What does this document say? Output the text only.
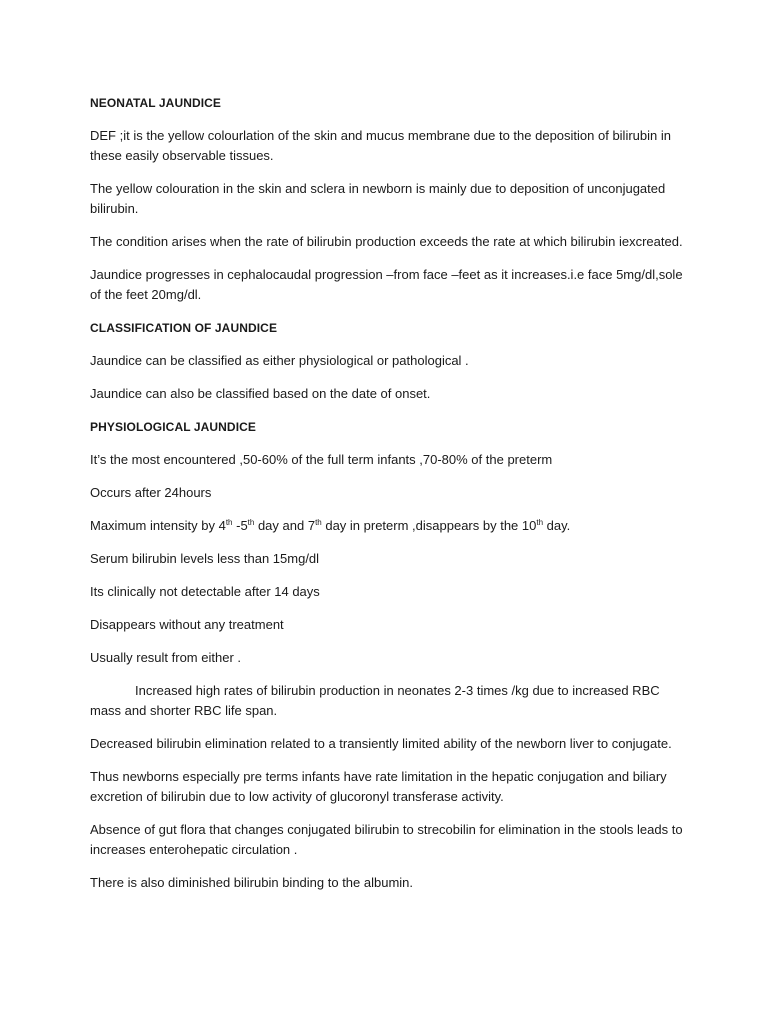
NEONATAL JAUNDICE

DEF ;it is the yellow colourlation of the skin and mucus membrane due to the deposition of bilirubin in these easily observable tissues.

The yellow colouration in the skin and sclera in newborn is mainly due to deposition of unconjugated bilirubin.

The condition arises when the rate of bilirubin production exceeds the rate at which bilirubin iexcreated.

Jaundice progresses in cephalocaudal progression –from face –feet as it increases.i.e face 5mg/dl,sole of the feet 20mg/dl.

CLASSIFICATION OF JAUNDICE

Jaundice can be classified as either physiological or pathological .

Jaundice can also be classified based on the date of onset.

PHYSIOLOGICAL JAUNDICE

It’s the most encountered ,50-60% of the full term infants ,70-80% of the preterm

Occurs after 24hours

Maximum intensity by 4th -5th day and 7th day in preterm ,disappears by the 10th day.

Serum bilirubin levels less than 15mg/dl

Its clinically not detectable after 14 days

Disappears without any treatment

Usually result from either .

Increased high rates of bilirubin production in neonates 2-3 times /kg due to increased RBC mass and shorter RBC life span.

Decreased bilirubin elimination related to a transiently limited ability of the newborn liver to conjugate.

Thus newborns especially pre terms infants have rate limitation in the hepatic conjugation and biliary excretion of bilirubin due to low activity of glucoronyl transferase activity.

Absence of gut flora that changes conjugated bilirubin to strecobilin for elimination in the stools leads to increases enterohepatic circulation .

There is also diminished bilirubin binding to the albumin.
